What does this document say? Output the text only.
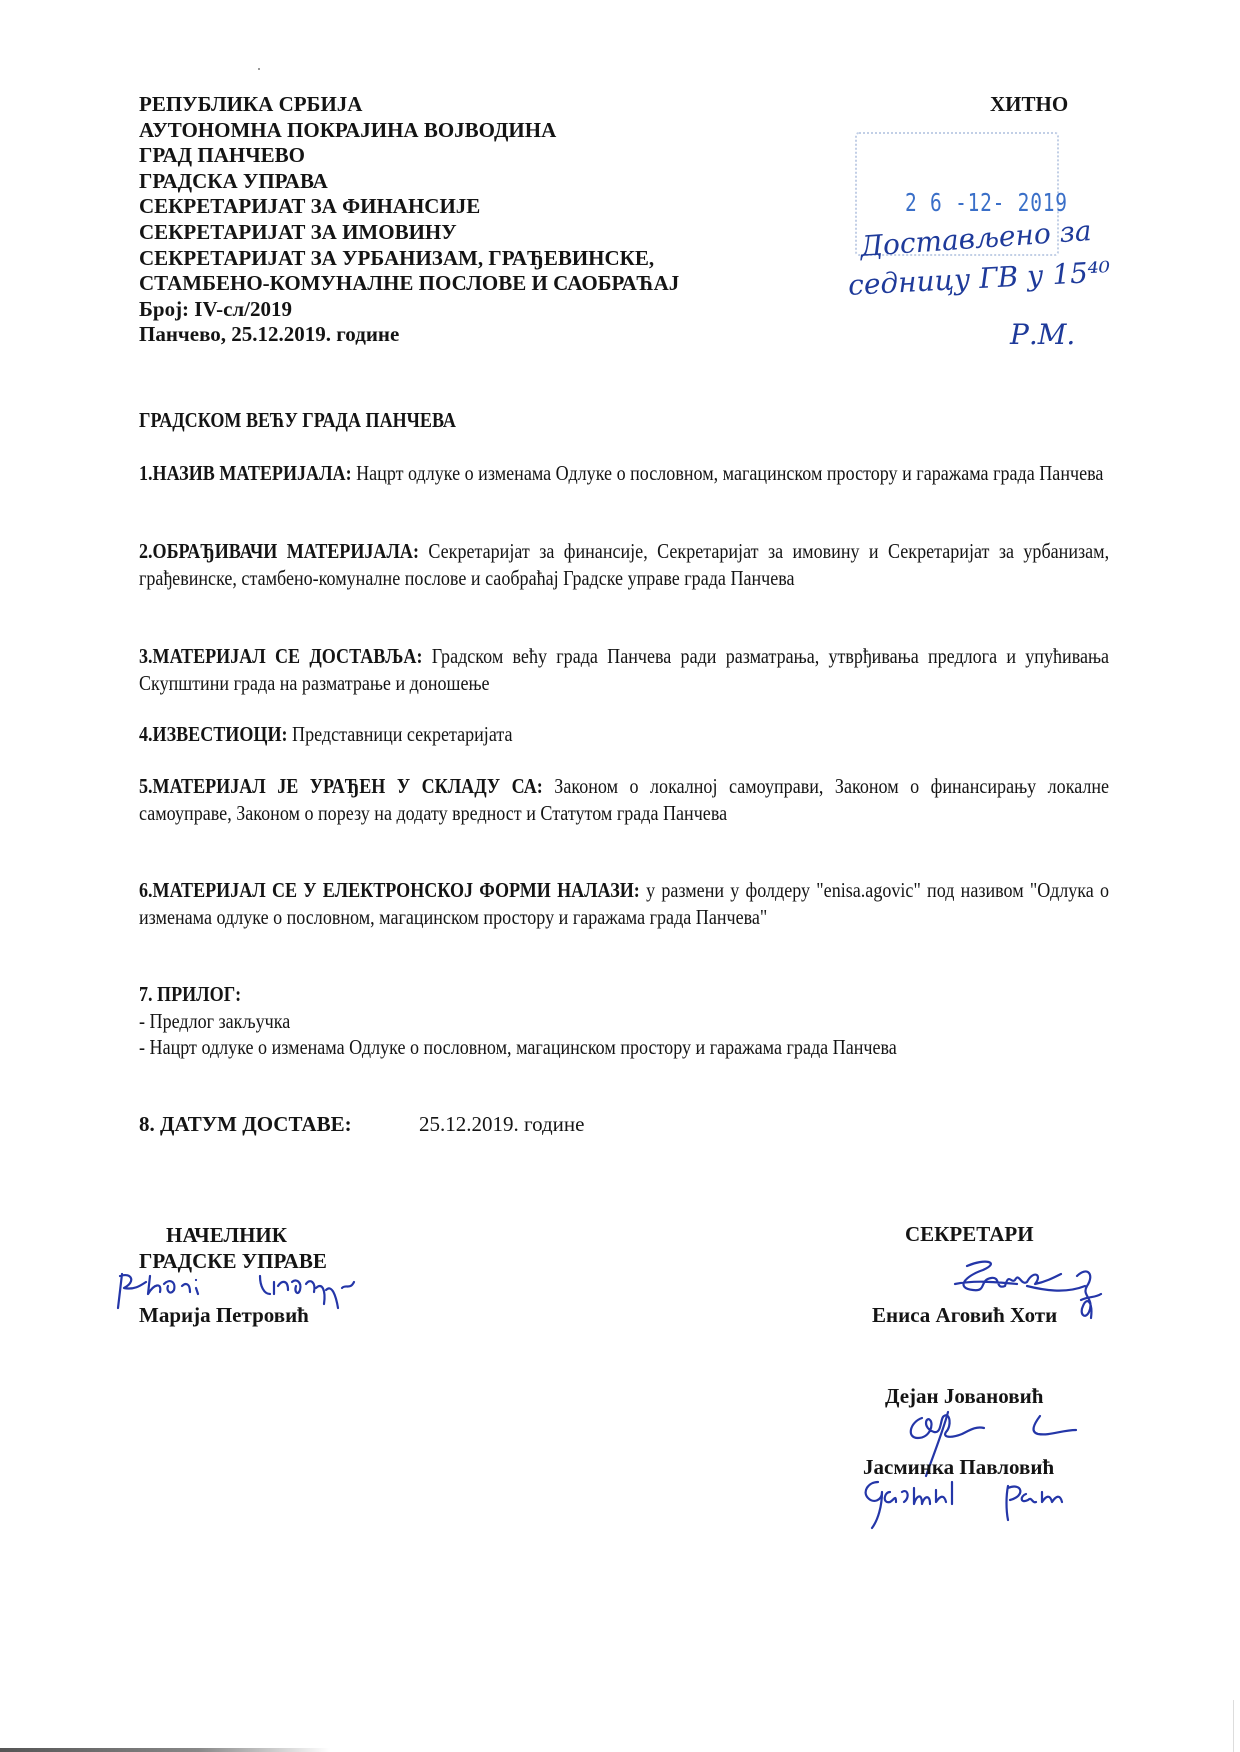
РЕПУБЛИКА СРБИЈА
АУТОНОМНА ПОКРАЈИНА ВОЈВОДИНА
ГРАД ПАНЧЕВО
ГРАДСКА УПРАВА
СЕКРЕТАРИЈАТ ЗА ФИНАНСИЈЕ
СЕКРЕТАРИЈАТ ЗА ИМОВИНУ
СЕКРЕТАРИЈАТ ЗА УРБАНИЗАМ, ГРАЂЕВИНСКЕ,
СТАМБЕНО-КОМУНАЛНЕ ПОСЛОВЕ И САОБРАЋАЈ
Број: IV-сл/2019
Панчево, 25.12.2019. године
ХИТНО
2 6 -12- 2019
Достављено за
седницу ГВ у 15⁴⁰
Р.М.
ГРАДСКОМ ВЕЋУ ГРАДА ПАНЧЕВА
1.НАЗИВ МАТЕРИЈАЛА: Нацрт одлуке о изменама Одлуке о пословном, магацинском простору и гаражама града Панчева
2.ОБРАЂИВАЧИ МАТЕРИЈАЛА: Секретаријат за финансије, Секретаријат за имовину и Секретаријат за урбанизам, грађевинске, стамбено-комуналне послове и саобраћај Градске управе града Панчева
3.МАТЕРИЈАЛ СЕ ДОСТАВЉА: Градском већу града Панчева ради разматрања, утврђивања предлога и упућивања Скупштини града на разматрање и доношење
4.ИЗВЕСТИОЦИ: Представници секретаријата
5.МАТЕРИЈАЛ ЈЕ УРАЂЕН У СКЛАДУ СА: Законом о локалној самоуправи, Законом о финансирању локалне самоуправе, Законом о порезу на додату вредност и Статутом града Панчева
6.МАТЕРИЈАЛ СЕ У ЕЛЕКТРОНСКОЈ ФОРМИ НАЛАЗИ: у размени у фолдеру "enisa.agovic" под називом "Одлука о изменама одлуке о пословном, магацинском простору и гаражама града Панчева"
7. ПРИЛОГ:
- Предлог закључка
- Нацрт одлуке о изменама Одлуке о пословном, магацинском простору и гаражама града Панчева
8. ДАТУМ ДОСТАВЕ:	25.12.2019. године
НАЧЕЛНИК
ГРАДСКЕ УПРАВЕ
Марија Петровић
СЕКРЕТАРИ
Ениса Аговић Хоти
Дејан Јовановић
Јасминка Павловић
